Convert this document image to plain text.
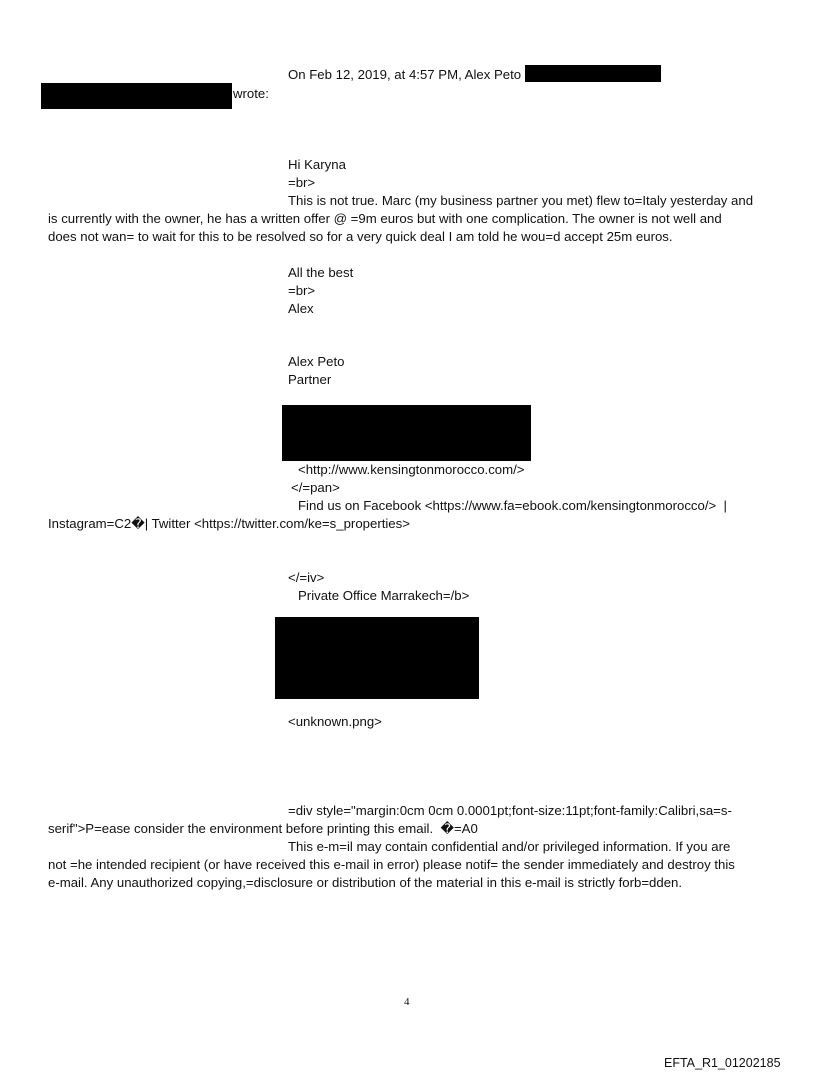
On Feb 12, 2019, at 4:57 PM, Alex Peto
wrote:
Hi Karyna
=br>
This is not true. Marc (my business partner you met) flew to=Italy yesterday and
is currently with the owner, he has a written offer @ =9m euros but with one complication. The owner is not well and
does not wan= to wait for this to be resolved so for a very quick deal I am told he wou=d accept 25m euros.
All the best
=br>
Alex
Alex Peto
Partner
<http://www.kensingtonmorocco.com/>
</=pan>
Find us on Facebook <https://www.fa=ebook.com/kensingtonmorocco/>  |
Instagram=C2�| Twitter <https://twitter.com/ke=s_properties>
</=iv>
Private Office Marrakech=/b>
<unknown.png>
=div style="margin:0cm 0cm 0.0001pt;font-size:11pt;font-family:Calibri,sa=s-
serif">P=ease consider the environment before printing this email.  �=A0
This e-m=il may contain confidential and/or privileged information. If you are
not =he intended recipient (or have received this e-mail in error) please notif= the sender immediately and destroy this
e-mail. Any unauthorized copying,=disclosure or distribution of the material in this e-mail is strictly forb=dden.
4
EFTA_R1_01202185
